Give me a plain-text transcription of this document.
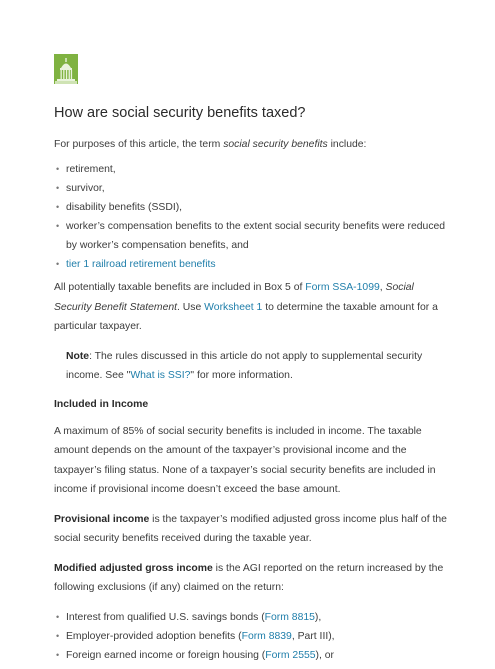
How are social security benefits taxed?

For purposes of this article, the term social security benefits include:

• retirement,
• survivor,
• disability benefits (SSDI),
• worker’s compensation benefits to the extent social security benefits were reduced by worker’s compensation benefits, and
• tier 1 railroad retirement benefits

All potentially taxable benefits are included in Box 5 of Form SSA-1099, Social Security Benefit Statement. Use Worksheet 1 to determine the taxable amount for a particular taxpayer.

Note: The rules discussed in this article do not apply to supplemental security income. See "What is SSI?" for more information.

Included in Income

A maximum of 85% of social security benefits is included in income. The taxable amount depends on the amount of the taxpayer’s provisional income and the taxpayer’s filing status. None of a taxpayer’s social security benefits are included in income if provisional income doesn’t exceed the base amount.

Provisional income is the taxpayer’s modified adjusted gross income plus half of the social security benefits received during the taxable year.

Modified adjusted gross income is the AGI reported on the return increased by the following exclusions (if any) claimed on the return:

• Interest from qualified U.S. savings bonds (Form 8815),
• Employer-provided adoption benefits (Form 8839, Part III),
• Foreign earned income or foreign housing (Form 2555), or
